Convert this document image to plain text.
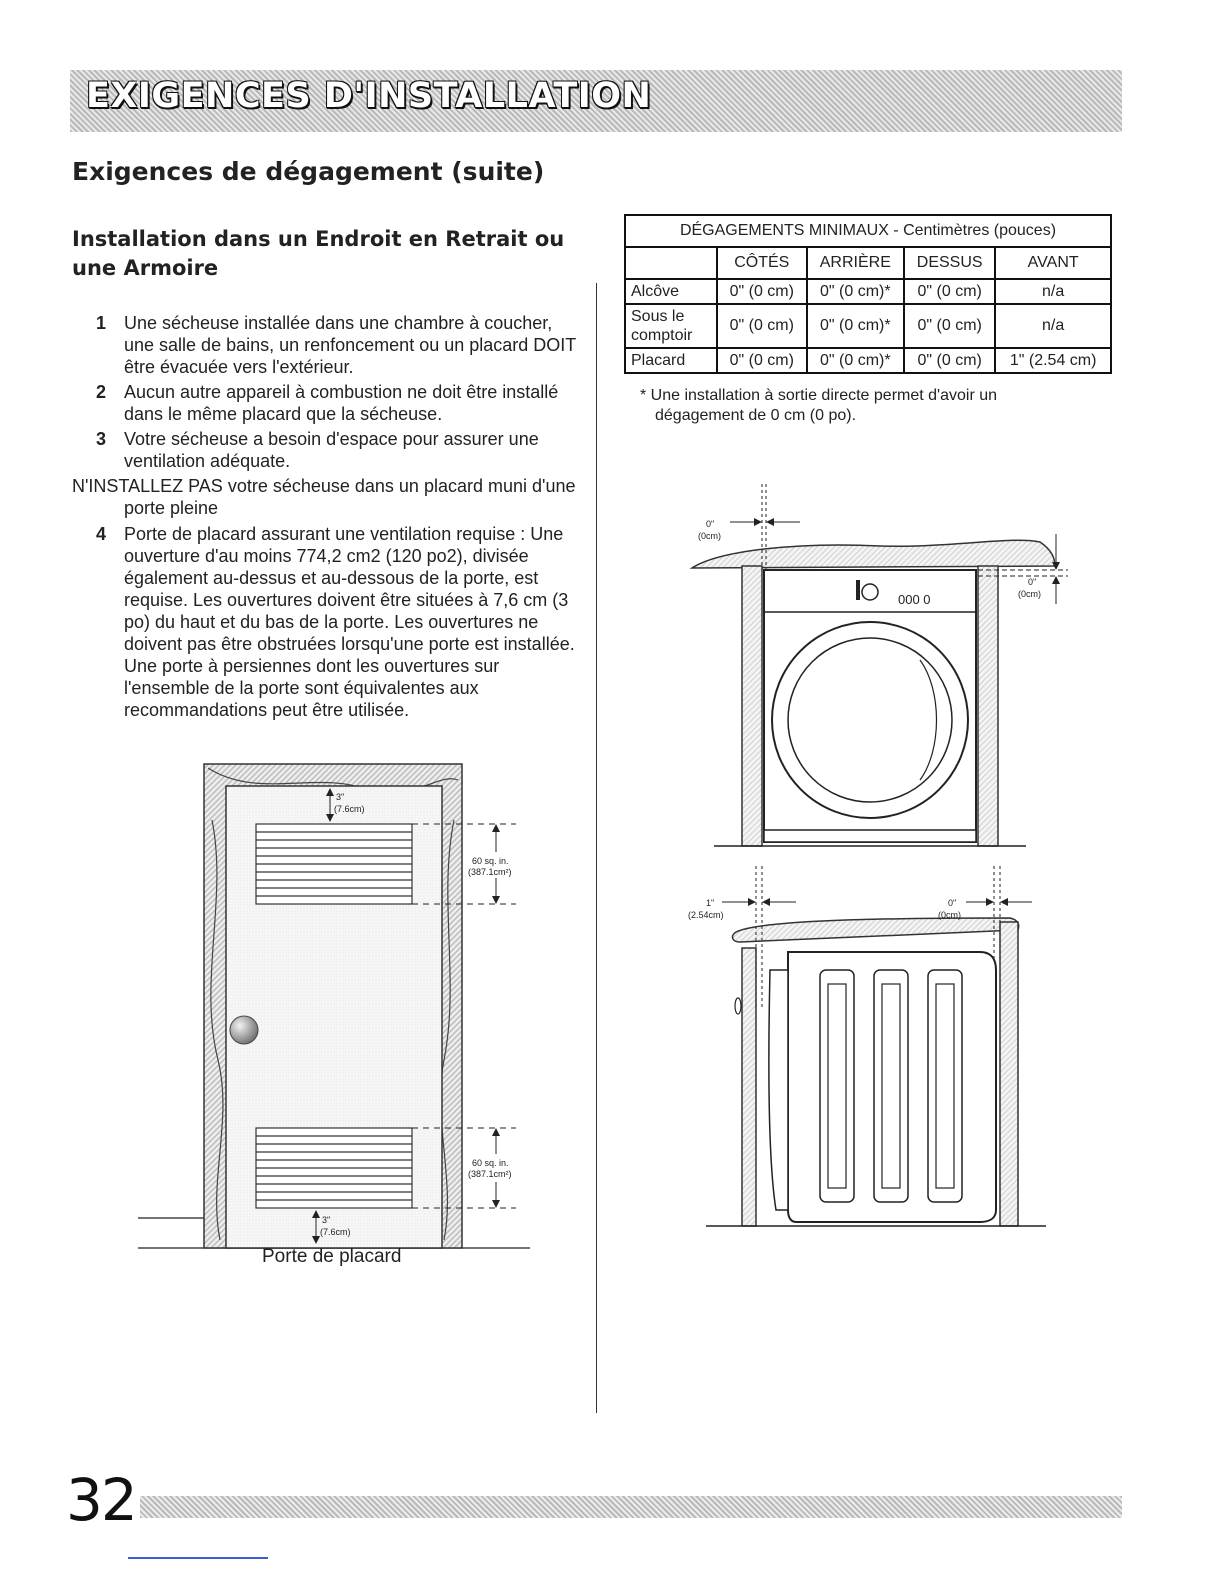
EXIGENCES D'INSTALLATION
Exigences de dégagement (suite)
Installation dans un Endroit en Retrait ou une Armoire
1 Une sécheuse installée dans une chambre à coucher, une salle de bains, un renfoncement ou un placard DOIT être évacuée vers l'extérieur.
2 Aucun autre appareil à combustion ne doit être installé dans le même placard que la sécheuse.
3 Votre sécheuse a besoin d'espace pour assurer une ventilation adéquate.
N'INSTALLEZ PAS votre sécheuse dans un placard muni d'une porte pleine
4 Porte de placard assurant une ventilation requise : Une ouverture d'au moins 774,2 cm2 (120 po2), divisée également au-dessus et au-dessous de la porte, est requise. Les ouvertures doivent être situées à 7,6 cm (3 po) du haut et du bas de la porte. Les ouvertures ne doivent pas être obstruées lorsqu'une porte est installée. Une porte à persiennes dont les ouvertures sur l'ensemble de la porte sont équivalentes aux recommandations peut être utilisée.
3"
(7.6cm)
60 sq. in.
(387.1cm²)
60 sq. in.
(387.1cm²)
3"
(7.6cm)
Porte de placard
DÉGAGEMENTS MINIMAUX - Centimètres (pouces)				
	CÔTÉS	ARRIÈRE	DESSUS	AVANT
Alcôve	0" (0 cm)	0" (0 cm)*	0" (0 cm)	n/a
Sous le comptoir	0" (0 cm)	0" (0 cm)*	0" (0 cm)	n/a
Placard	0" (0 cm)	0" (0 cm)*	0" (0 cm)	1" (2.54 cm)
* Une installation à sortie directe permet d'avoir un dégagement de 0 cm (0 po).
000 0
0"
(0cm)
0"
(0cm)
1"
(2.54cm)
0"
(0cm)
32
